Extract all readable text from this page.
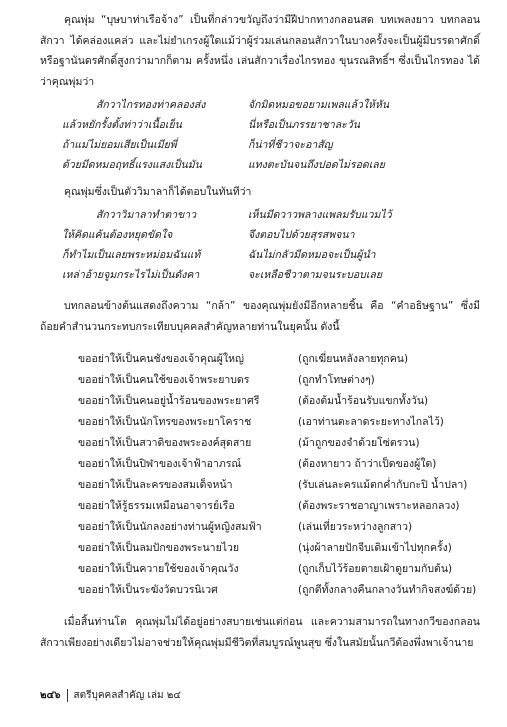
คุณพุ่ม “บุษบาท่าเรือจ้าง” เป็นที่กล่าวขวัญถึงว่ามีฝีปากทางกลอนสด บทเพลงยาว บทกลอนสักวา ได้คล่องแคล่ว และไม่ยำเกรงผู้ใดแม้ว่าผู้ร่วมเล่นกลอนสักวาในบางครั้งจะเป็นผู้มีบรรดาศักดิ์หรือฐานันดรศักดิ์สูงกว่ามากก็ตาม ครั้งหนึ่ง เล่นสักวาเรื่องไกรทอง ขุนรณสิทธิ์ฯ ซึ่งเป็นไกรทอง ได้ว่าคุณพุ่มว่า
สักวาไกรทองท่าคลองส่ง	จักมิดหมอขอยามเพลแล้วให้หัน
แล้วหยักรั้งตั้งท่าว่าเนื้อเย็น	นี่หรือเป็นภรรยาชาละวัน
ถ้าแม่ไม่ยอมเสียเป็นเมียพี่	ก็น่าที่ชีวาจะอาสัญ
ด้วยมีดหมอฤทธิ์แรงแสงเป็นมัน	แทงตะบันจนถึงปอดไม่รอดเลย
คุณพุ่มซึ่งเป็นตัววิมาลาก็ได้ตอบในทันทีว่า
สักวาวิมาลาทำตาขาว	เห็นมีดวาวพลางแพลมรับแวมไว้
ให้คิดแค้นต้องหยุดขัดใจ	จึงตอบไปด้วยสุรสพจนา
ก็ทำไมเป็นเลยพระหม่อมฉันแท้	ฉันไม่กลัวมีดหมอจะเป็นผู้นำ
เหล่าอ้ายจูมกระไรไม่เป็นดังคา	จะเหลือชีวาตามจนระบอบเลย
บทกลอนข้างต้นแสดงถึงความ “กล้า” ของคุณพุ่มยังมีอีกหลายชิ้น คือ “คำอธิษฐาน” ซึ่งมีถ้อยคำสำนวนกระทบกระเทียบบุคคลสำคัญหลายท่านในยุคนั้น ดังนี้
ขออย่าให้เป็นคนชังของเจ้าคุณผู้ใหญ่	(ถูกเฆี่ยนหลังลายทุกคน)
ขออย่าให้เป็นคนใช้ของเจ้าพระยาบดร	(ถูกทำโทษต่างๆ)
ขออย่าให้เป็นคนอยู่น้ำร้อนของพระยาศรี	(ต้องต้มน้ำร้อนรับแขกทั้งวัน)
ขออย่าให้เป็นนักโทรของพระยาโคราช	(เอาท่านตะลาดระยะทางไกลไว้)
ขออย่าให้เป็นสวาดิของพระองค์สุดสาย	(ม้าถูกของจำด้วยโซ่ตรวน)
ขออย่าให้เป็นปิฬาของเจ้าฟ้าอาภรณ์	(ต้องหายาว ถ้าว่าเป็ดของผู้ใด)
ขออย่าให้เป็นละครของสมเด็จหน้า	(รับเล่นละครแม้ตกค่ำกับกะปิ น้ำปลา)
ขออย่าให้รู้ธรรมเหมือนอาจารย์เรือ	(ต้องพระราชอาญาเพราะหลอกลวง)
ขออย่าให้เป็นนักลงอย่างท่านผู้หญิงสมฟ้า	(เล่นเที่ยวระหว่างลูกสาว)
ขออย่าให้เป็นลมปักของพระนายไวย	(นุ่งผ้าลายปักจีบเดิมเข้าไปทุกครั้ง)
ขออย่าให้เป็นควายใช้ของเจ้าคุณวัง	(ถูกเก็บไว้ร้อยตายเฝ้าดูยามกับต้น)
ขออย่าให้เป็นระฆังวัดบวรนิเวศ	(ถูกตีทั้งกลางคืนกลางวันทำกิจสงฆ์ด้วย)
เมื่อสิ้นท่านโต คุณพุ่มไม่ได้อยู่อย่างสบายเช่นแต่ก่อน และความสามารถในทางกวีของกลอนสักวาเพียงอย่างเดียวไม่อาจช่วยให้คุณพุ่มมีชีวิตที่สมบูรณ์พูนสุข ซึ่งในสมัยนั้นกวีต้องพึ่งพาเจ้านาย
๒๔๖ สตรีบุคคลสำคัญ เล่ม ๒๔
